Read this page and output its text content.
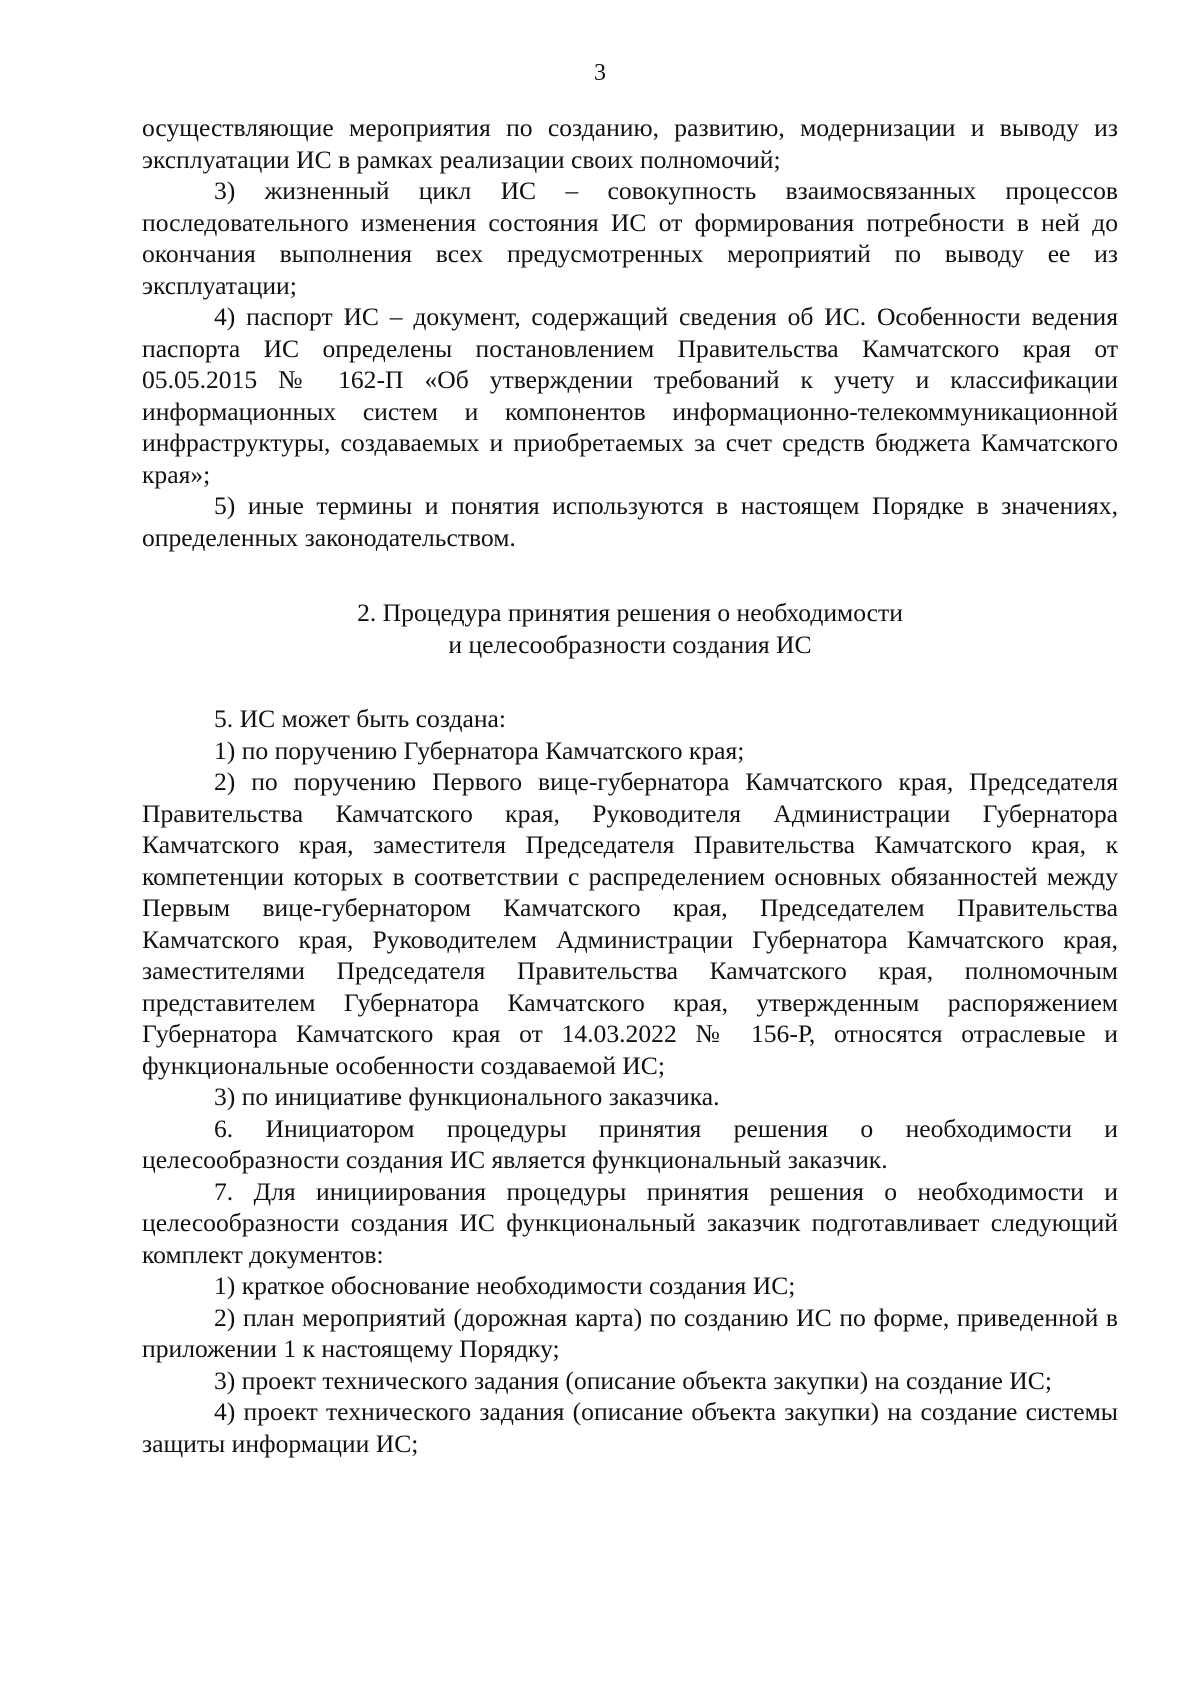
3

осуществляющие мероприятия по созданию, развитию, модернизации и выводу из эксплуатации ИС в рамках реализации своих полномочий;

3) жизненный цикл ИС – совокупность взаимосвязанных процессов последовательного изменения состояния ИС от формирования потребности в ней до окончания выполнения всех предусмотренных мероприятий по выводу ее из эксплуатации;

4) паспорт ИС – документ, содержащий сведения об ИС. Особенности ведения паспорта ИС определены постановлением Правительства Камчатского края от 05.05.2015 № 162-П «Об утверждении требований к учету и классификации информационных систем и компонентов информационно-телекоммуникационной инфраструктуры, создаваемых и приобретаемых за счет средств бюджета Камчатского края»;

5) иные термины и понятия используются в настоящем Порядке в значениях, определенных законодательством.

2. Процедура принятия решения о необходимости

и целесообразности создания ИС

5. ИС может быть создана:

1) по поручению Губернатора Камчатского края;

2) по поручению Первого вице-губернатора Камчатского края, Председателя Правительства Камчатского края, Руководителя Администрации Губернатора Камчатского края, заместителя Председателя Правительства Камчатского края, к компетенции которых в соответствии с распределением основных обязанностей между Первым вице-губернатором Камчатского края, Председателем Правительства Камчатского края, Руководителем Администрации Губернатора Камчатского края, заместителями Председателя Правительства Камчатского края, полномочным представителем Губернатора Камчатского края, утвержденным распоряжением Губернатора Камчатского края от 14.03.2022 № 156-Р, относятся отраслевые и функциональные особенности создаваемой ИС;

3) по инициативе функционального заказчика.

6. Инициатором процедуры принятия решения о необходимости и целесообразности создания ИС является функциональный заказчик.

7. Для инициирования процедуры принятия решения о необходимости и целесообразности создания ИС функциональный заказчик подготавливает следующий комплект документов:

1) краткое обоснование необходимости создания ИС;

2) план мероприятий (дорожная карта) по созданию ИС по форме, приведенной в приложении 1 к настоящему Порядку;

3) проект технического задания (описание объекта закупки) на создание ИС;

4) проект технического задания (описание объекта закупки) на создание системы защиты информации ИС;
